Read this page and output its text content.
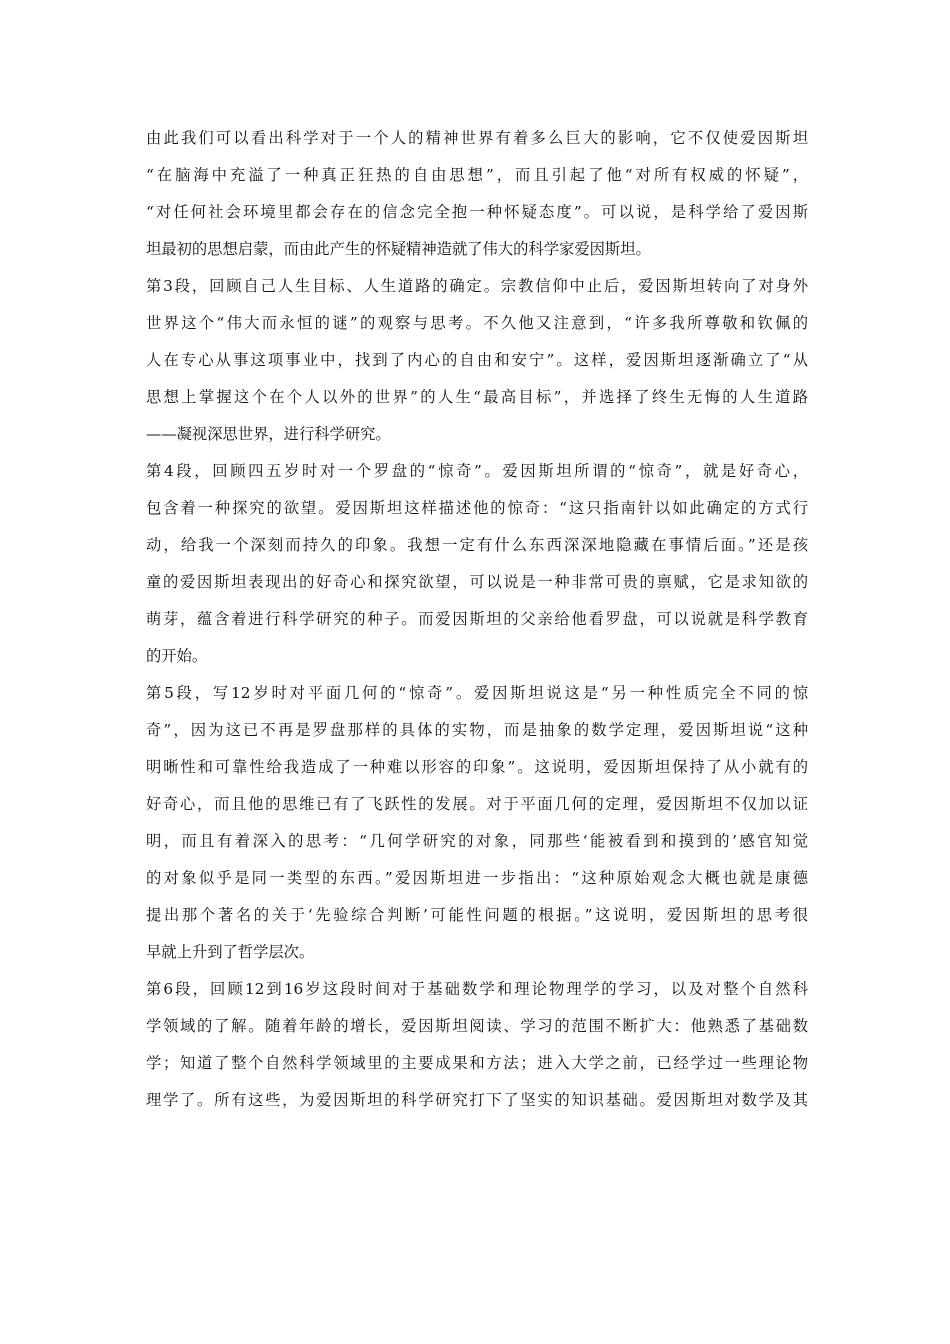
由此我们可以看出科学对于一个人的精神世界有着多么巨大的影响，它不仅使爱因斯坦
“在脑海中充溢了一种真正狂热的自由思想”，而且引起了他“对所有权威的怀疑”，
“对任何社会环境里都会存在的信念完全抱一种怀疑态度”。可以说，是科学给了爱因斯
坦最初的思想启蒙，而由此产生的怀疑精神造就了伟大的科学家爱因斯坦。
第3段，回顾自己人生目标、人生道路的确定。宗教信仰中止后，爱因斯坦转向了对身外
世界这个“伟大而永恒的谜”的观察与思考。不久他又注意到，“许多我所尊敬和钦佩的
人在专心从事这项事业中，找到了内心的自由和安宁”。这样，爱因斯坦逐渐确立了“从
思想上掌握这个在个人以外的世界”的人生“最高目标”，并选择了终生无悔的人生道路
——凝视深思世界，进行科学研究。
第4段，回顾四五岁时对一个罗盘的“惊奇”。爱因斯坦所谓的“惊奇”，就是好奇心，
包含着一种探究的欲望。爱因斯坦这样描述他的惊奇：“这只指南针以如此确定的方式行
动，给我一个深刻而持久的印象。我想一定有什么东西深深地隐藏在事情后面。”还是孩
童的爱因斯坦表现出的好奇心和探究欲望，可以说是一种非常可贵的禀赋，它是求知欲的
萌芽，蕴含着进行科学研究的种子。而爱因斯坦的父亲给他看罗盘，可以说就是科学教育
的开始。
第5段，写12岁时对平面几何的“惊奇”。爱因斯坦说这是“另一种性质完全不同的惊
奇”，因为这已不再是罗盘那样的具体的实物，而是抽象的数学定理，爱因斯坦说“这种
明晰性和可靠性给我造成了一种难以形容的印象”。这说明，爱因斯坦保持了从小就有的
好奇心，而且他的思维已有了飞跃性的发展。对于平面几何的定理，爱因斯坦不仅加以证
明，而且有着深入的思考：“几何学研究的对象，同那些‘能被看到和摸到的’感官知觉
的对象似乎是同一类型的东西。”爱因斯坦进一步指出：“这种原始观念大概也就是康德
提出那个著名的关于‘先验综合判断’可能性问题的根据。”这说明，爱因斯坦的思考很
早就上升到了哲学层次。
第6段，回顾12到16岁这段时间对于基础数学和理论物理学的学习，以及对整个自然科
学领域的了解。随着年龄的增长，爱因斯坦阅读、学习的范围不断扩大：他熟悉了基础数
学；知道了整个自然科学领域里的主要成果和方法；进入大学之前，已经学过一些理论物
理学了。所有这些，为爱因斯坦的科学研究打下了坚实的知识基础。爱因斯坦对数学及其
